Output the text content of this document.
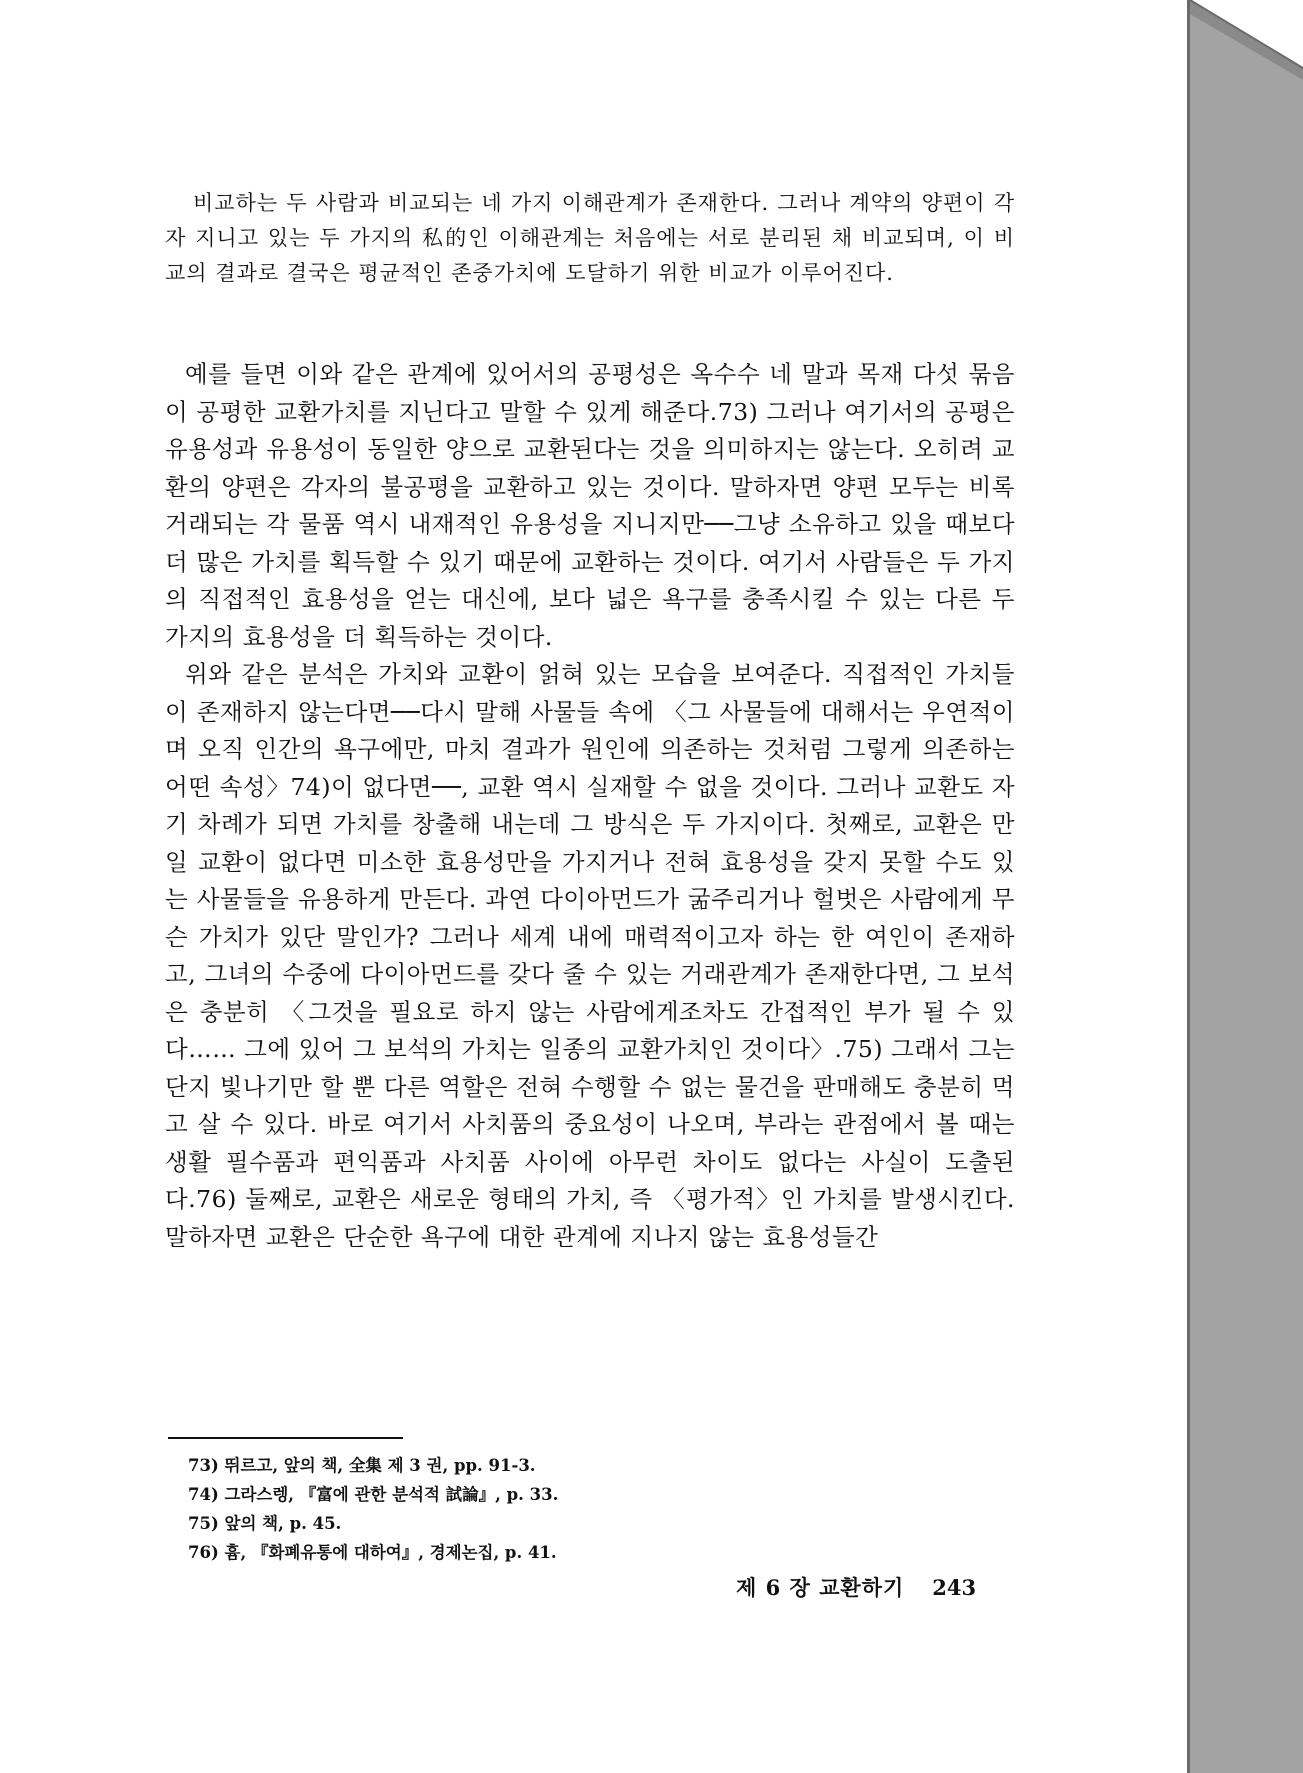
비교하는 두 사람과 비교되는 네 가지 이해관계가 존재한다. 그러나 계약의 양편이 각자 지니고 있는 두 가지의 私的인 이해관계는 처음에는 서로 분리된 채 비교되며, 이 비교의 결과로 결국은 평균적인 존중가치에 도달하기 위한 비교가 이루어진다.

예를 들면 이와 같은 관계에 있어서의 공평성은 옥수수 네 말과 목재 다섯 묶음이 공평한 교환가치를 지닌다고 말할 수 있게 해준다.73) 그러나 여기서의 공평은 유용성과 유용성이 동일한 양으로 교환된다는 것을 의미하지는 않는다. 오히려 교환의 양편은 각자의 불공평을 교환하고 있는 것이다. 말하자면 양편 모두는 비록 거래되는 각 물품 역시 내재적인 유용성을 지니지만──그냥 소유하고 있을 때보다 더 많은 가치를 획득할 수 있기 때문에 교환하는 것이다. 여기서 사람들은 두 가지의 직접적인 효용성을 얻는 대신에, 보다 넓은 욕구를 충족시킬 수 있는 다른 두 가지의 효용성을 더 획득하는 것이다.

위와 같은 분석은 가치와 교환이 얽혀 있는 모습을 보여준다. 직접적인 가치들이 존재하지 않는다면──다시 말해 사물들 속에 〈그 사물들에 대해서는 우연적이며 오직 인간의 욕구에만, 마치 결과가 원인에 의존하는 것처럼 그렇게 의존하는 어떤 속성〉74)이 없다면──, 교환 역시 실재할 수 없을 것이다. 그러나 교환도 자기 차례가 되면 가치를 창출해 내는데 그 방식은 두 가지이다. 첫째로, 교환은 만일 교환이 없다면 미소한 효용성만을 가지거나 전혀 효용성을 갖지 못할 수도 있는 사물들을 유용하게 만든다. 과연 다이아먼드가 굶주리거나 헐벗은 사람에게 무슨 가치가 있단 말인가? 그러나 세계 내에 매력적이고자 하는 한 여인이 존재하고, 그녀의 수중에 다이아먼드를 갖다 줄 수 있는 거래관계가 존재한다면, 그 보석은 충분히 〈그것을 필요로 하지 않는 사람에게조차도 간접적인 부가 될 수 있다…… 그에 있어 그 보석의 가치는 일종의 교환가치인 것이다〉.75) 그래서 그는 단지 빛나기만 할 뿐 다른 역할은 전혀 수행할 수 없는 물건을 판매해도 충분히 먹고 살 수 있다. 바로 여기서 사치품의 중요성이 나오며, 부라는 관점에서 볼 때는 생활 필수품과 편익품과 사치품 사이에 아무런 차이도 없다는 사실이 도출된다.76) 둘째로, 교환은 새로운 형태의 가치, 즉 〈평가적〉인 가치를 발생시킨다. 말하자면 교환은 단순한 욕구에 대한 관계에 지나지 않는 효용성들간

73) 뛰르고, 앞의 책, 全集 제 3 권, pp. 91-3.
74) 그라스렝, 『富에 관한 분석적 試論』, p. 33.
75) 앞의 책, p. 45.
76) 흄, 『화폐유통에 대하여』, 경제논집, p. 41.
제 6 장 교환하기 243
